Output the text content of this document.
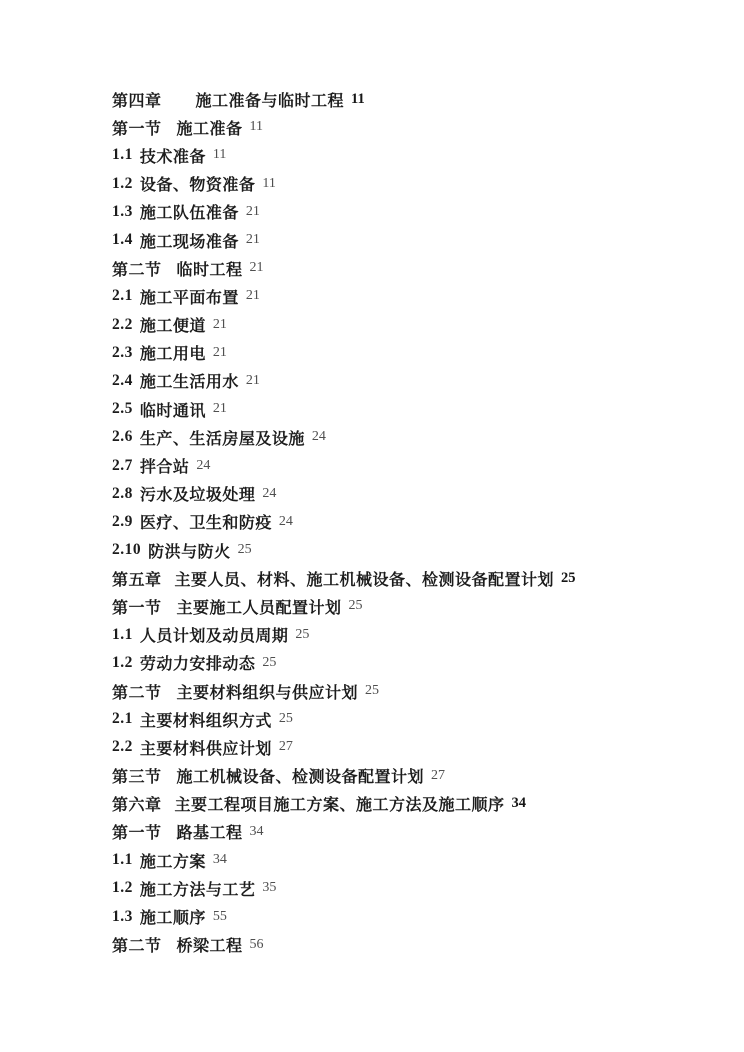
第四章 施工准备与临时工程 11
第一节 施工准备 11
1.1 技术准备 11
1.2 设备、物资准备 11
1.3 施工队伍准备 21
1.4 施工现场准备 21
第二节 临时工程 21
2.1 施工平面布置 21
2.2 施工便道 21
2.3 施工用电 21
2.4 施工生活用水 21
2.5 临时通讯 21
2.6 生产、生活房屋及设施 24
2.7 拌合站 24
2.8 污水及垃圾处理 24
2.9 医疗、卫生和防疫 24
2.10 防洪与防火 25
第五章 主要人员、材料、施工机械设备、检测设备配置计划 25
第一节 主要施工人员配置计划 25
1.1 人员计划及动员周期 25
1.2 劳动力安排动态 25
第二节 主要材料组织与供应计划 25
2.1 主要材料组织方式 25
2.2 主要材料供应计划 27
第三节 施工机械设备、检测设备配置计划 27
第六章 主要工程项目施工方案、施工方法及施工顺序 34
第一节 路基工程 34
1.1 施工方案 34
1.2 施工方法与工艺 35
1.3 施工顺序 55
第二节 桥梁工程 56
